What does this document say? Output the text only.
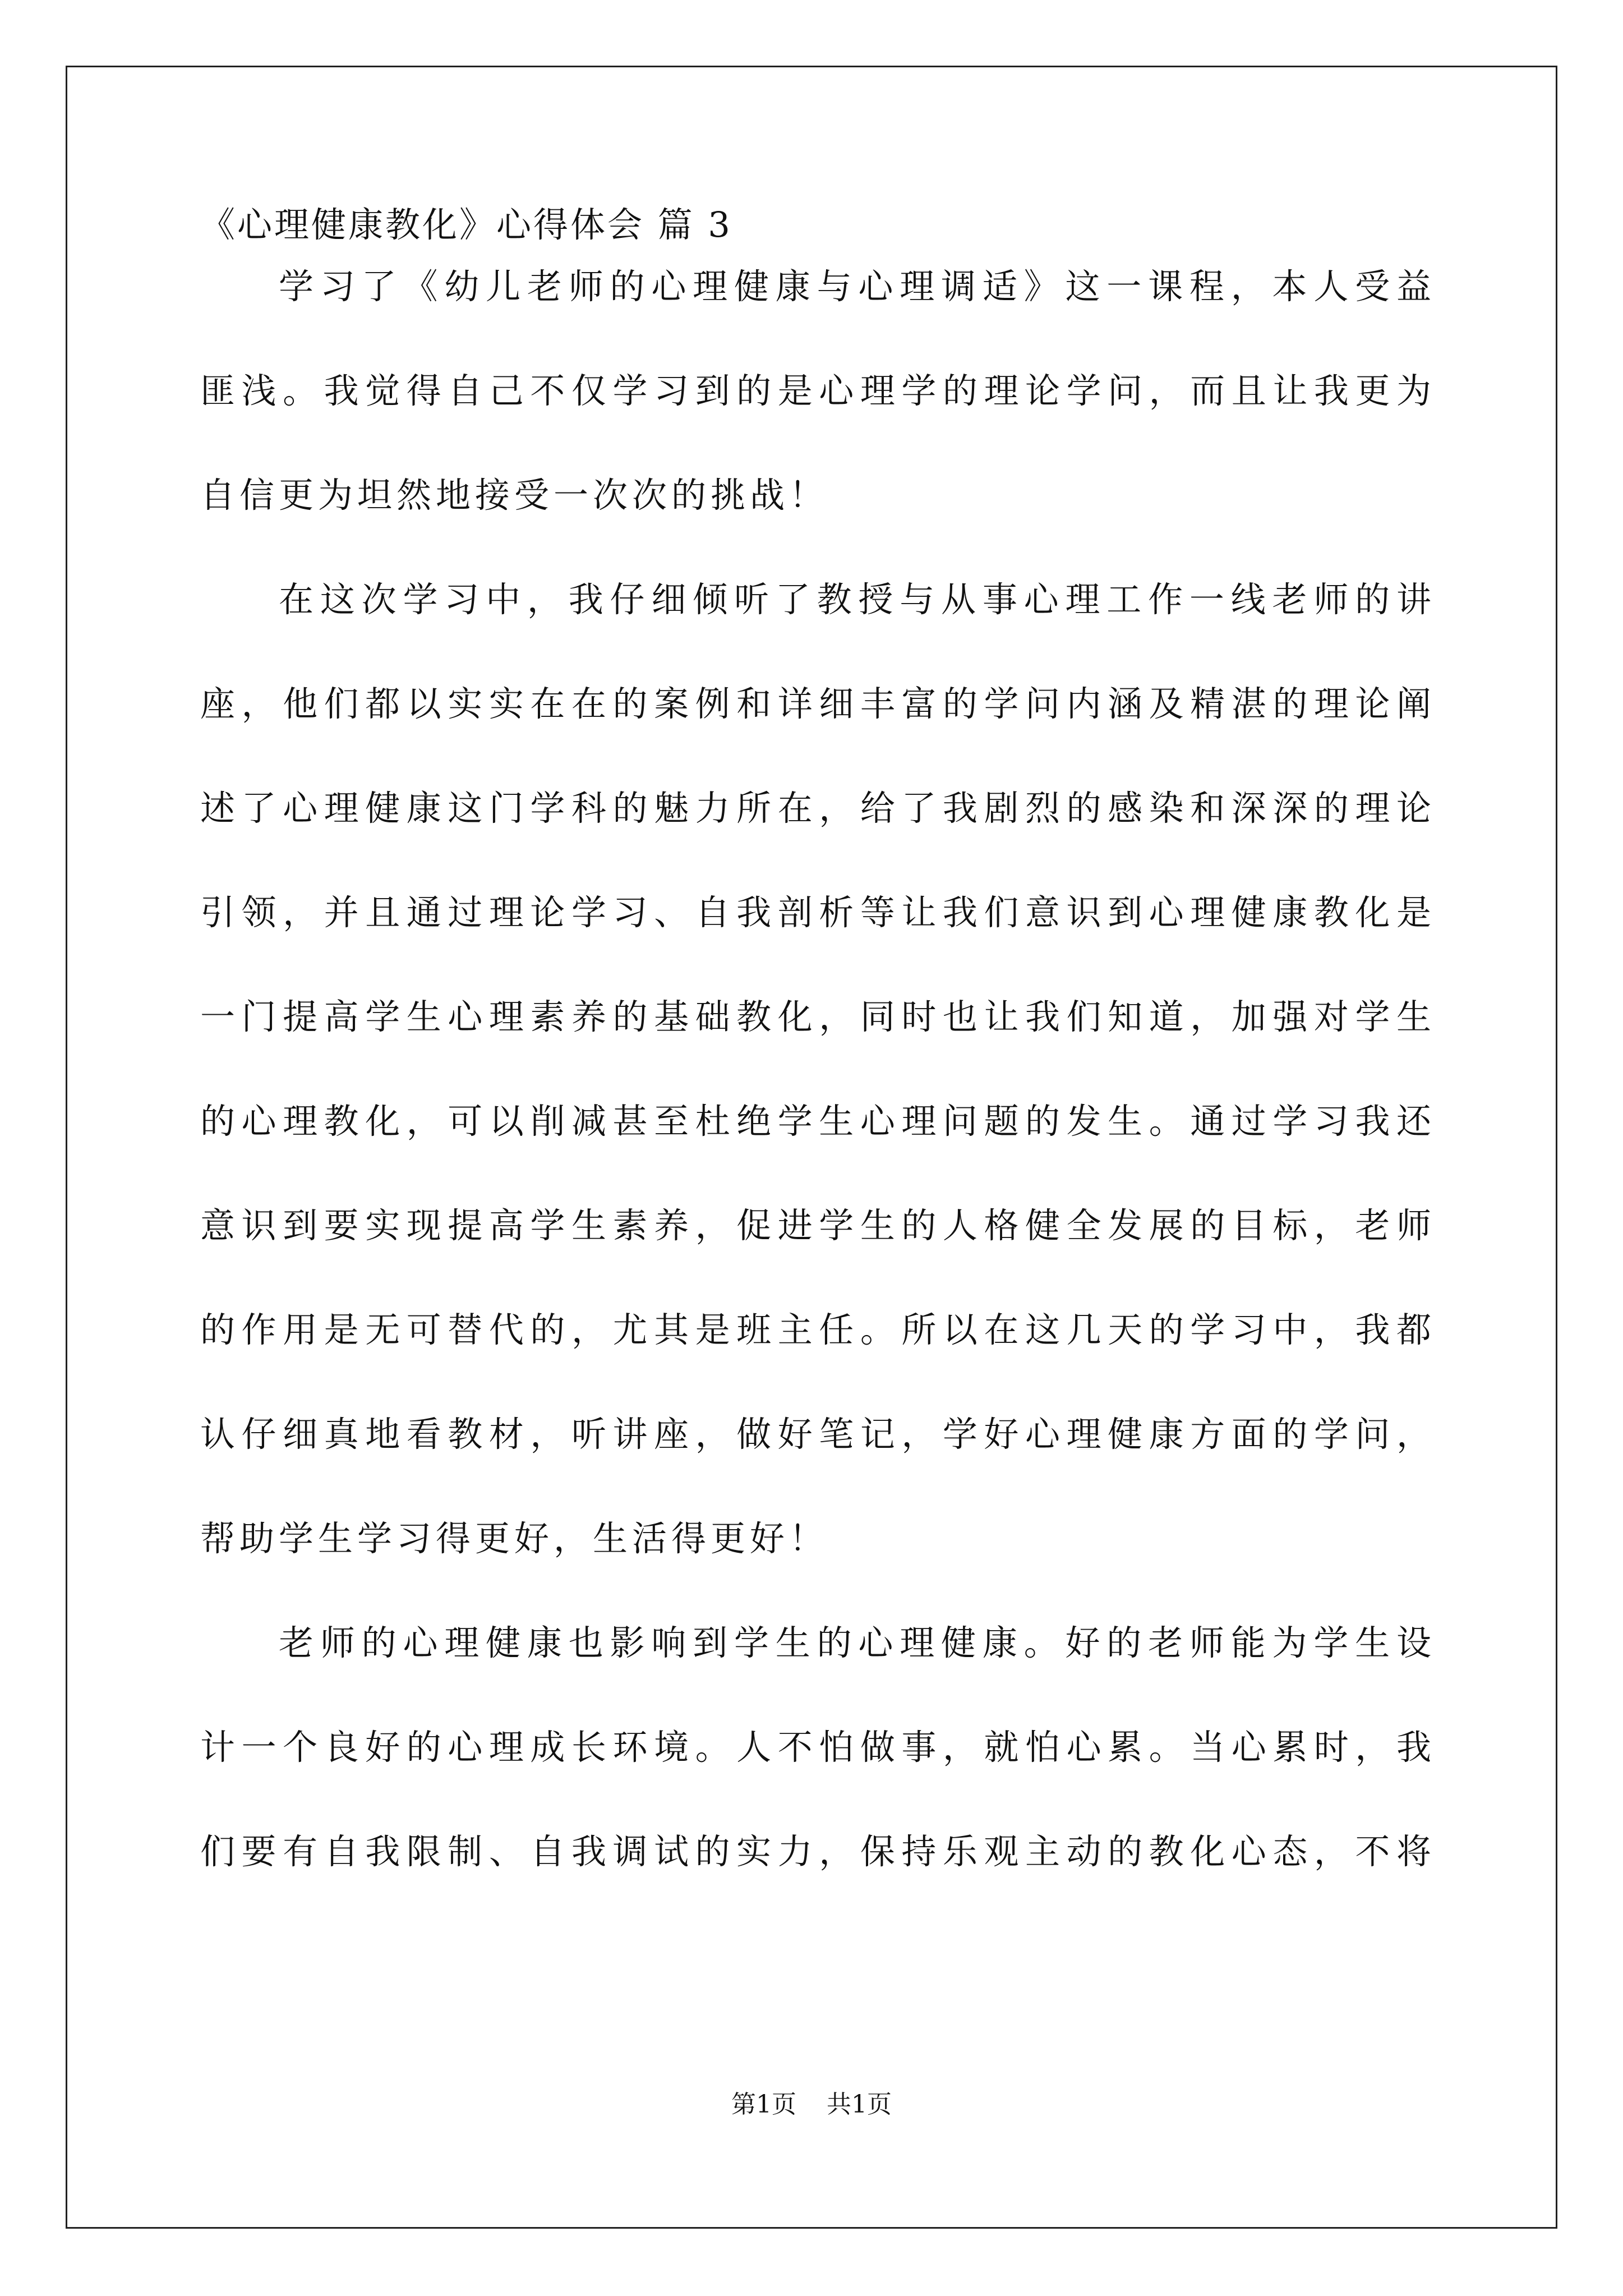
《心理健康教化》心得体会 篇 3
学习了《幼儿老师的心理健康与心理调适》这一课程，本人受益
匪浅。我觉得自己不仅学习到的是心理学的理论学问，而且让我更为
自信更为坦然地接受一次次的挑战！
在这次学习中，我仔细倾听了教授与从事心理工作一线老师的讲
座，他们都以实实在在的案例和详细丰富的学问内涵及精湛的理论阐
述了心理健康这门学科的魅力所在，给了我剧烈的感染和深深的理论
引领，并且通过理论学习、自我剖析等让我们意识到心理健康教化是
一门提高学生心理素养的基础教化，同时也让我们知道，加强对学生
的心理教化，可以削减甚至杜绝学生心理问题的发生。通过学习我还
意识到要实现提高学生素养，促进学生的人格健全发展的目标，老师
的作用是无可替代的，尤其是班主任。所以在这几天的学习中，我都
认仔细真地看教材，听讲座，做好笔记，学好心理健康方面的学问，
帮助学生学习得更好，生活得更好！
老师的心理健康也影响到学生的心理健康。好的老师能为学生设
计一个良好的心理成长环境。人不怕做事，就怕心累。当心累时，我
们要有自我限制、自我调试的实力，保持乐观主动的教化心态，不将
第1页 共1页
